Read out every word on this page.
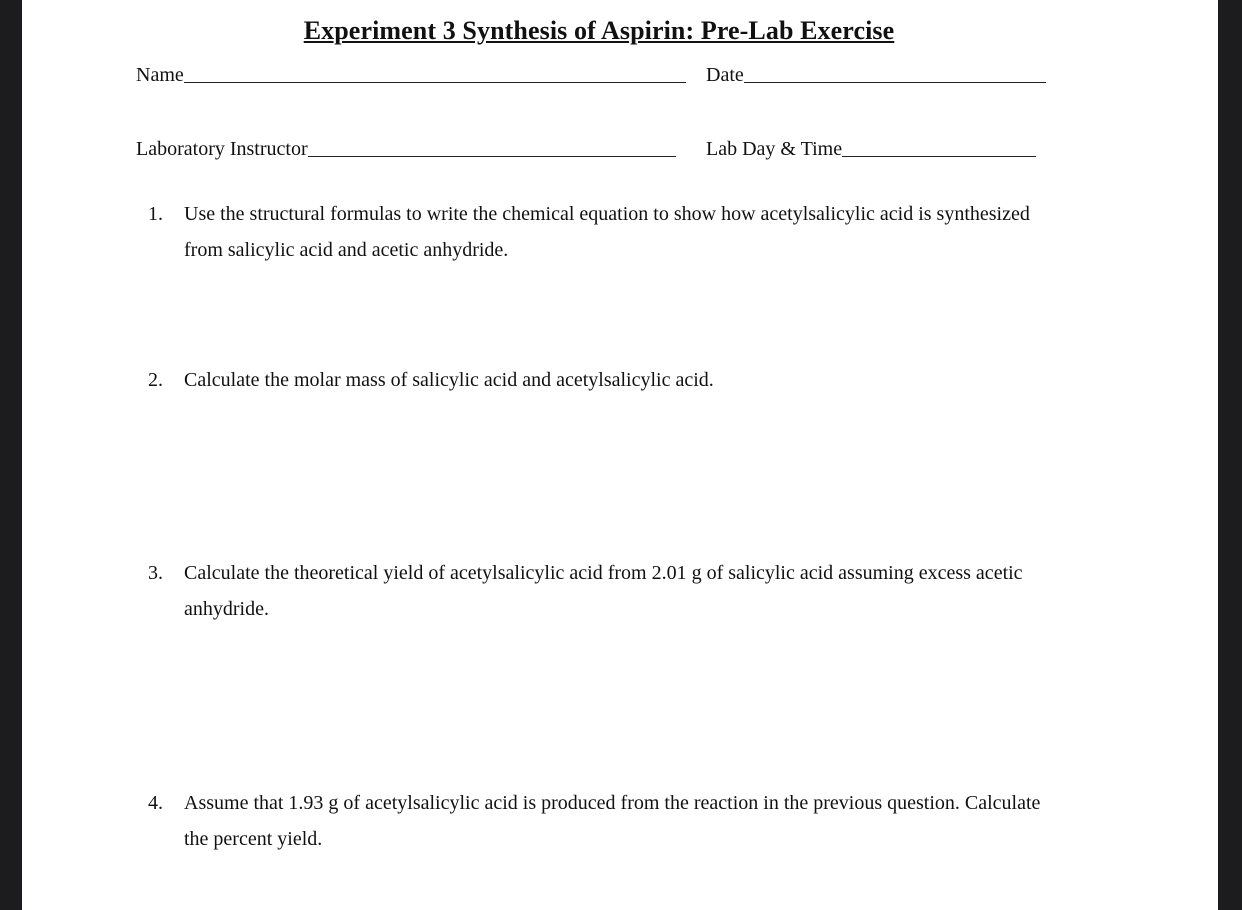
Experiment 3 Synthesis of Aspirin: Pre-Lab Exercise
Name	Date
Laboratory Instructor	Lab Day & Time
1. Use the structural formulas to write the chemical equation to show how acetylsalicylic acid is synthesized from salicylic acid and acetic anhydride.
2. Calculate the molar mass of salicylic acid and acetylsalicylic acid.
3. Calculate the theoretical yield of acetylsalicylic acid from 2.01 g of salicylic acid assuming excess acetic anhydride.
4. Assume that 1.93 g of acetylsalicylic acid is produced from the reaction in the previous question. Calculate the percent yield.
